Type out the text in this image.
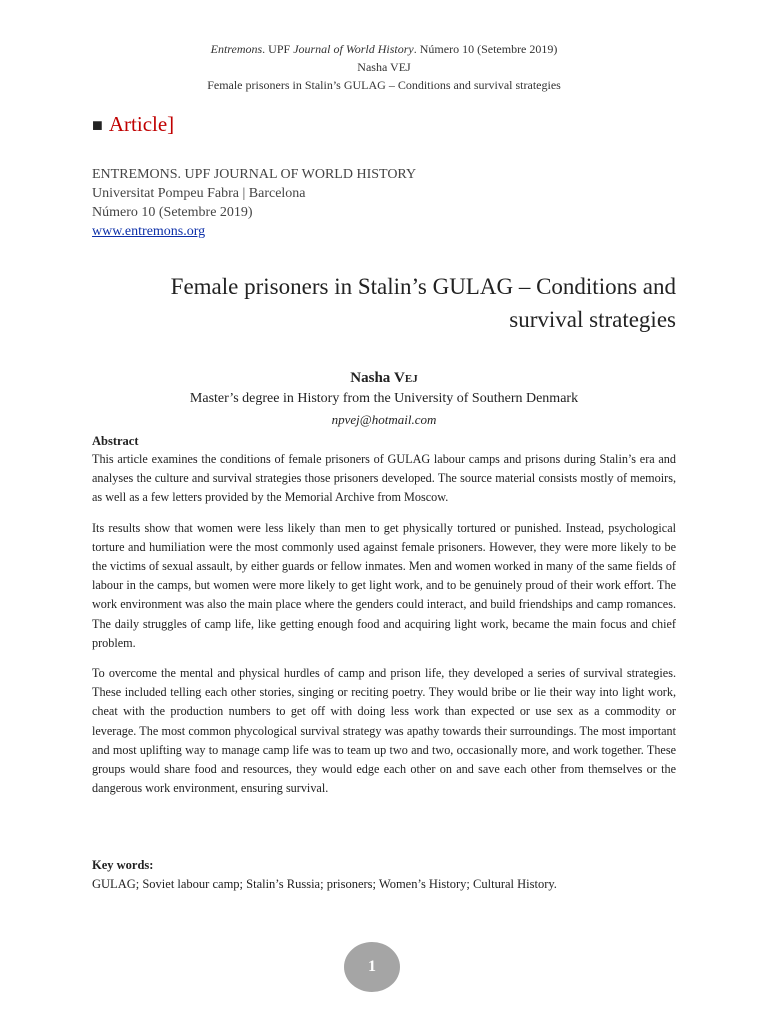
Entremons. UPF Journal of World History. Número 10 (Setembre 2019)
Nasha VEJ
Female prisoners in Stalin’s GULAG – Conditions and survival strategies
■ Article]
ENTREMONS. UPF JOURNAL OF WORLD HISTORY
Universitat Pompeu Fabra | Barcelona
Número 10 (Setembre 2019)
www.entremons.org
Female prisoners in Stalin’s GULAG – Conditions and
survival strategies
Nasha Vej
Master’s degree in History from the University of Southern Denmark
npvej@hotmail.com
Abstract

This article examines the conditions of female prisoners of GULAG labour camps and prisons during Stalin’s era and analyses the culture and survival strategies those prisoners developed. The source material consists mostly of memoirs, as well as a few letters provided by the Memorial Archive from Moscow.

Its results show that women were less likely than men to get physically tortured or punished. Instead, psychological torture and humiliation were the most commonly used against female prisoners. However, they were more likely to be the victims of sexual assault, by either guards or fellow inmates. Men and women worked in many of the same fields of labour in the camps, but women were more likely to get light work, and to be genuinely proud of their work effort. The work environment was also the main place where the genders could interact, and build friendships and camp romances. The daily struggles of camp life, like getting enough food and acquiring light work, became the main focus and chief problem.

To overcome the mental and physical hurdles of camp and prison life, they developed a series of survival strategies. These included telling each other stories, singing or reciting poetry. They would bribe or lie their way into light work, cheat with the production numbers to get off with doing less work than expected or use sex as a commodity or leverage. The most common phycological survival strategy was apathy towards their surroundings. The most important and most uplifting way to manage camp life was to team up two and two, occasionally more, and work together. These groups would share food and resources, they would edge each other on and save each other from themselves or the dangerous work environment, ensuring survival.

Key words:
GULAG; Soviet labour camp; Stalin’s Russia; prisoners; Women’s History; Cultural History.
1
